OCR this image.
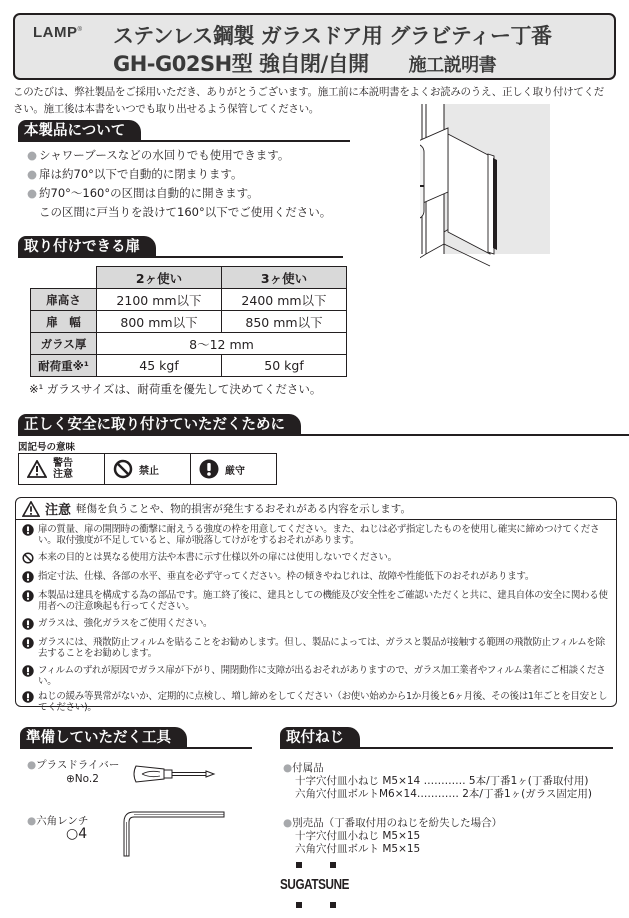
LAMP® ステンレス鋼製 ガラスドア用 グラビティー丁番
GH-G02SH型 強自閉/自開 施工説明書
このたびは、弊社製品をご採用いただき、ありがとうございます。施工前に本説明書をよくお読みのうえ、正しく取り付けてください。施工後は本書をいつでも取り出せるよう保管してください。
本製品について
● シャワーブースなどの水回りでも使用できます。
● 扉は約70°以下で自動的に閉まります。
● 約70°～160°の区間は自動的に開きます。
この区間に戸当りを設けて160°以下でご使用ください。
取り付けできる扉
	2ヶ使い	3ヶ使い
扉高さ	2100 mm以下	2400 mm以下
扉　幅	800 mm以下	850 mm以下
ガラス厚	8～12 mm	
耐荷重※¹	45 kgf	50 kgf
※¹ ガラスサイズは、耐荷重を優先して決めてください。
正しく安全に取り付けていただくために
図記号の意味
警告
注意	禁止	厳守
注意 軽傷を負うことや、物的損害が発生するおそれがある内容を示します。
扉の質量、扉の開閉時の衝撃に耐えうる強度の枠を用意してください。また、ねじは必ず指定したものを使用し確実に締めつけてください。取付強度が不足していると、扉が脱落してけがをするおそれがあります。
本来の目的とは異なる使用方法や本書に示す仕様以外の扉には使用しないでください。
指定寸法、仕様、各部の水平、垂直を必ず守ってください。枠の傾きやねじれは、故障や性能低下のおそれがあります。
本製品は建具を構成する為の部品です。施工終了後に、建具としての機能及び安全性をご確認いただくと共に、建具自体の安全に関わる使用者への注意喚起も行ってください。
ガラスは、強化ガラスをご使用ください。
ガラスには、飛散防止フィルムを貼ることをお勧めします。但し、製品によっては、ガラスと製品が接触する範囲の飛散防止フィルムを除去することをお勧めします。
フィルムのずれが原因でガラス扉が下がり、開閉動作に支障が出るおそれがありますので、ガラス加工業者やフィルム業者にご相談ください。
ねじの緩み等異常がないか、定期的に点検し、増し締めをしてください（お使い始めから1か月後と6ヶ月後、その後は1年ごとを目安としてください)。
準備していただく工具
●プラスドライバー
⊕No.2
●六角レンチ
○4
取付ねじ
●付属品
十字穴付皿小ねじ M5×14 ………… 5本/丁番1ヶ(丁番取付用)
六角穴付皿ボルトM6×14………… 2本/丁番1ヶ(ガラス固定用)
●別売品（丁番取付用のねじを紛失した場合）
十字穴付皿小ねじ M5×15
六角穴付皿ボルト M5×15
SUGATSUNE
